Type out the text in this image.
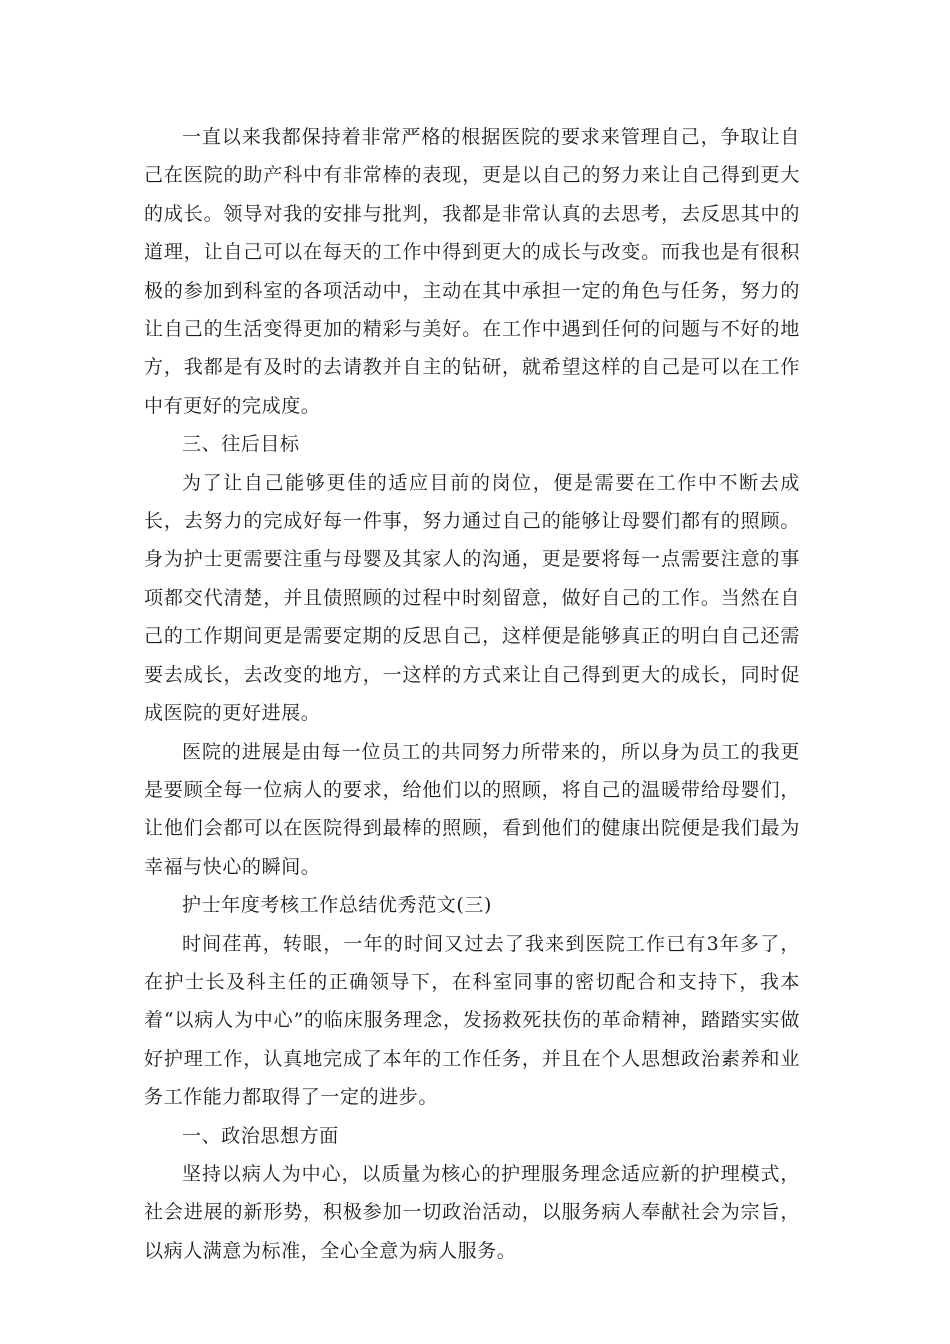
一直以来我都保持着非常严格的根据医院的要求来管理自己，争取让自己在医院的助产科中有非常棒的表现，更是以自己的努力来让自己得到更大的成长。领导对我的安排与批判，我都是非常认真的去思考，去反思其中的道理，让自己可以在每天的工作中得到更大的成长与改变。而我也是有很积极的参加到科室的各项活动中，主动在其中承担一定的角色与任务，努力的让自己的生活变得更加的精彩与美好。在工作中遇到任何的问题与不好的地方，我都是有及时的去请教并自主的钻研，就希望这样的自己是可以在工作中有更好的完成度。

三、往后目标

为了让自己能够更佳的适应目前的岗位，便是需要在工作中不断去成长，去努力的完成好每一件事，努力通过自己的能够让母婴们都有的照顾。身为护士更需要注重与母婴及其家人的沟通，更是要将每一点需要注意的事项都交代清楚，并且债照顾的过程中时刻留意，做好自己的工作。当然在自己的工作期间更是需要定期的反思自己，这样便是能够真正的明白自己还需要去成长，去改变的地方，一这样的方式来让自己得到更大的成长，同时促成医院的更好进展。

医院的进展是由每一位员工的共同努力所带来的，所以身为员工的我更是要顾全每一位病人的要求，给他们以的照顾，将自己的温暖带给母婴们，让他们会都可以在医院得到最棒的照顾，看到他们的健康出院便是我们最为幸福与快心的瞬间。

护士年度考核工作总结优秀范文(三)

时间荏苒，转眼，一年的时间又过去了我来到医院工作已有3年多了，在护士长及科主任的正确领导下，在科室同事的密切配合和支持下，我本着“以病人为中心”的临床服务理念，发扬救死扶伤的革命精神，踏踏实实做好护理工作，认真地完成了本年的工作任务，并且在个人思想政治素养和业务工作能力都取得了一定的进步。

一、政治思想方面

坚持以病人为中心，以质量为核心的护理服务理念适应新的护理模式，社会进展的新形势，积极参加一切政治活动，以服务病人奉献社会为宗旨，以病人满意为标准，全心全意为病人服务。
